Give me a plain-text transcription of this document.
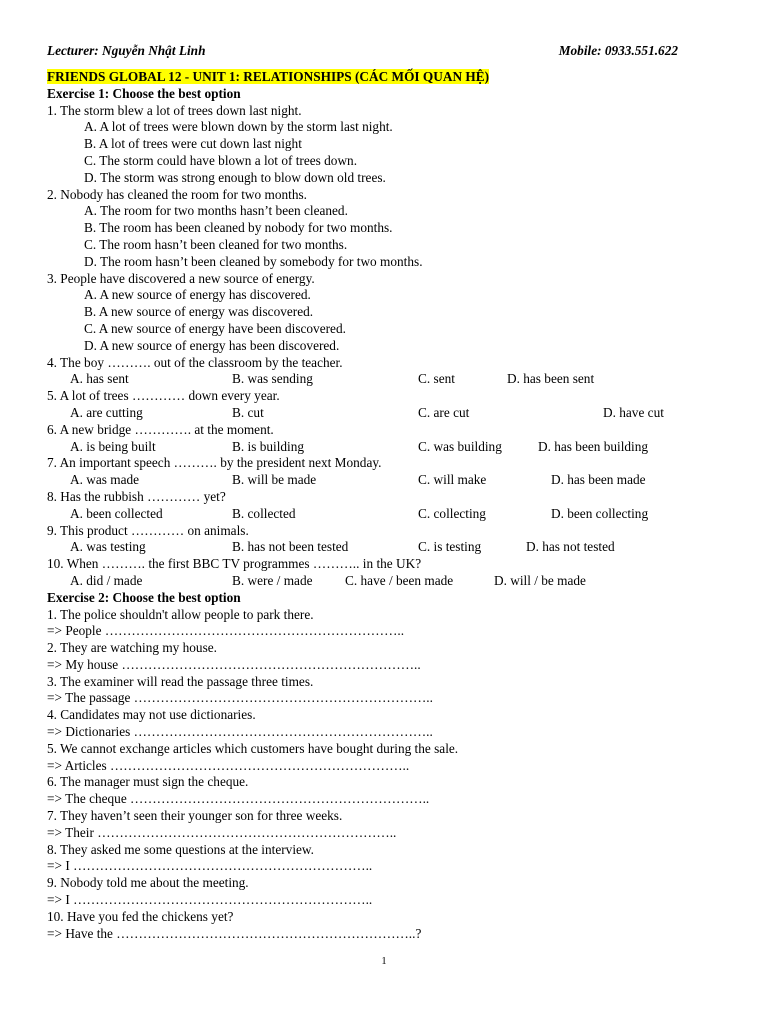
Lecturer: Nguyễn Nhật Linh	Mobile: 0933.551.622
FRIENDS GLOBAL 12 - UNIT 1: RELATIONSHIPS (CÁC MỐI QUAN HỆ)
Exercise 1: Choose the best option
1. The storm blew a lot of trees down last night.
A. A lot of trees were blown down by the storm last night.
B. A lot of trees were cut down last night
C. The storm could have blown a lot of trees down.
D. The storm was strong enough to blow down old trees.
2. Nobody has cleaned the room for two months.
A. The room for two months hasn’t been cleaned.
B. The room has been cleaned by nobody for two months.
C. The room hasn’t been cleaned for two months.
D. The room hasn’t been cleaned by somebody for two months.
3. People have discovered a new source of energy.
A. A new source of energy has discovered.
B. A new source of energy was discovered.
C. A new source of energy have been discovered.
D. A new source of energy has been discovered.
4. The boy ………. out of the classroom by the teacher.
A. has sent	B. was sending	C. sent	D. has been sent
5. A lot of trees ………… down every year.
A. are cutting	B. cut	C. are cut	D. have cut
6. A new bridge …………. at the moment.
A. is being built	B. is building	C. was building	D. has been building
7. An important speech ………. by the president next Monday.
A. was made	B. will be made	C. will make	D. has been made
8. Has the rubbish ………… yet?
A. been collected	B. collected	C. collecting	D. been collecting
9. This product ………… on animals.
A. was testing	B. has not been tested	C. is testing	D. has not tested
10. When ………. the first BBC TV programmes ……….. in the UK?
A. did / made	B. were / made C. have / been made	D. will / be made
Exercise 2: Choose the best option
1. The police shouldn't allow people to park there.
=> People …………………………………………………………..
2. They are watching my house.
=> My house …………………………………………………………..
3. The examiner will read the passage three times.
=> The passage …………………………………………………………..
4. Candidates may not use dictionaries.
=> Dictionaries …………………………………………………………..
5. We cannot exchange articles which customers have bought during the sale.
=> Articles …………………………………………………………..
6. The manager must sign the cheque.
=> The cheque …………………………………………………………..
7. They haven’t seen their younger son for three weeks.
=> Their …………………………………………………………..
8. They asked me some questions at the interview.
=> I …………………………………………………………..
9. Nobody told me about the meeting.
=> I …………………………………………………………..
10. Have you fed the chickens yet?
=> Have the …………………………………………………………..?
1
